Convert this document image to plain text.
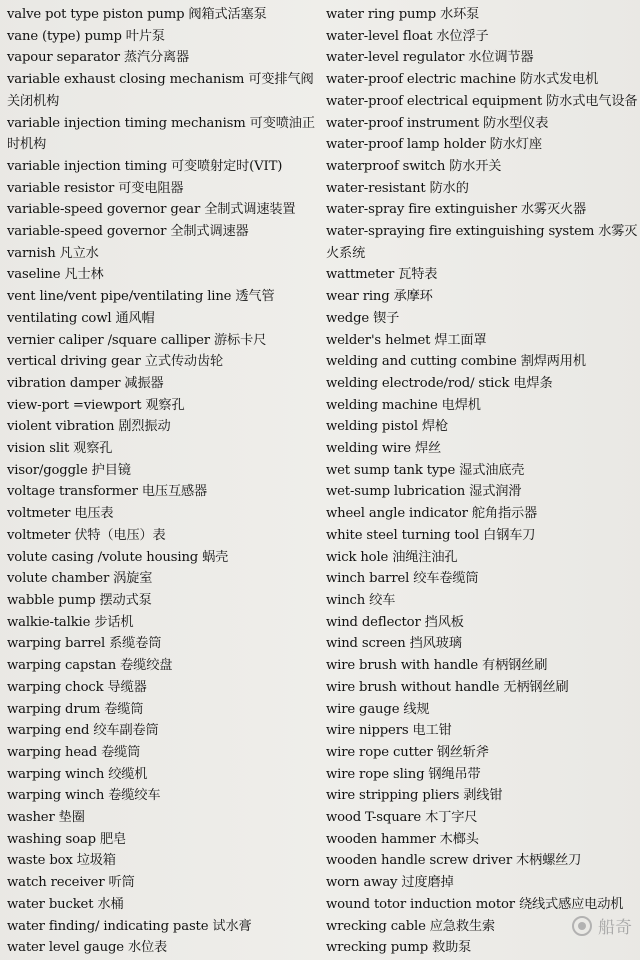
valve pot type piston pump 阀箱式活塞泵

vane (type) pump 叶片泵

vapour separator 蒸汽分离器

variable exhaust closing mechanism 可变排气阀关闭机构

variable injection timing mechanism 可变喷油正时机构

variable injection timing 可变喷射定时(VIT)

variable resistor 可变电阻器

variable-speed governor gear 全制式调速装置

variable-speed governor 全制式调速器

varnish 凡立水

vaseline 凡士林

vent line/vent pipe/ventilating line 透气管

ventilating cowl 通风帽

vernier caliper /square calliper 游标卡尺

vertical driving gear 立式传动齿轮

vibration damper 减振器

view-port =viewport 观察孔

violent vibration 剧烈振动

vision slit 观察孔

visor/goggle 护目镜

voltage transformer 电压互感器

voltmeter 电压表

voltmeter 伏特（电压）表

volute casing /volute housing 蜗壳

volute chamber 涡旋室

wabble pump 摆动式泵

walkie-talkie 步话机

warping barrel 系缆卷筒

warping capstan 卷缆绞盘

warping chock 导缆器

warping drum 卷缆筒

warping end 绞车副卷筒

warping head 卷缆筒

warping winch 绞缆机

warping winch 卷缆绞车

washer 垫圈

washing soap 肥皂

waste box 垃圾箱

watch receiver 听筒

water bucket 水桶

water finding/ indicating paste 试水膏

water level gauge 水位表

water ring pump 水环泵

water-level float 水位浮子

water-level regulator 水位调节器

water-proof electric machine 防水式发电机

water-proof electrical equipment 防水式电气设备

water-proof instrument 防水型仪表

water-proof lamp holder 防水灯座

waterproof switch 防水开关

water-resistant 防水的

water-spray fire extinguisher 水雾灭火器

water-spraying fire extinguishing system 水雾灭火系统

wattmeter 瓦特表

wear ring 承摩环

wedge 锲子

welder's helmet 焊工面罩

welding and cutting combine 割焊两用机

welding electrode/rod/ stick 电焊条

welding machine 电焊机

welding pistol 焊枪

welding wire 焊丝

wet sump tank type 湿式油底壳

wet-sump lubrication 湿式润滑

wheel angle indicator 舵角指示器

white steel turning tool 白钢车刀

wick hole 油绳注油孔

winch barrel 绞车卷缆筒

winch 绞车

wind deflector 挡风板

wind screen 挡风玻璃

wire brush with handle 有柄钢丝刷

wire brush without handle 无柄钢丝刷

wire gauge 线规

wire nippers 电工钳

wire rope cutter 钢丝斩斧

wire rope sling 钢绳吊带

wire stripping pliers 剥线钳

wood T-square 木丁字尺

wooden hammer 木榔头

wooden handle screw driver 木柄螺丝刀

worn away 过度磨掉

wound totor induction motor 绕线式感应电动机

wrecking cable 应急救生索

wrecking pump 救助泵

船奇
